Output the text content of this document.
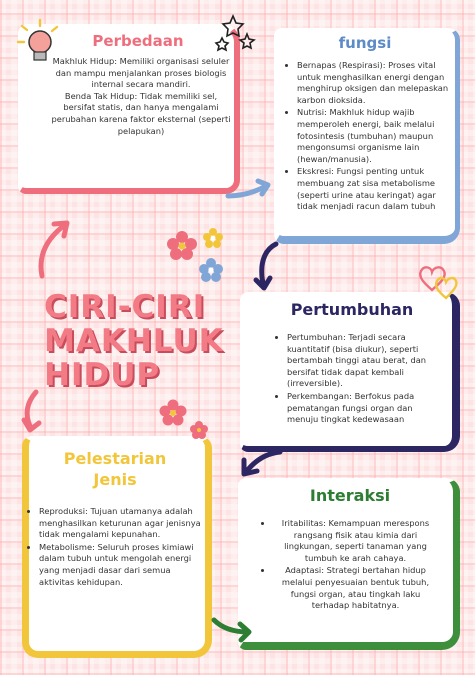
Perbedaan
Makhluk Hidup: Memiliki organisasi seluler dan mampu menjalankan proses biologis internal secara mandiri.
Benda Tak Hidup: Tidak memiliki sel, bersifat statis, dan hanya mengalami perubahan karena faktor eksternal (seperti pelapukan)
fungsi
• Bernapas (Respirasi): Proses vital untuk menghasilkan energi dengan menghirup oksigen dan melepaskan karbon dioksida.
• Nutrisi: Makhluk hidup wajib memperoleh energi, baik melalui fotosintesis (tumbuhan) maupun mengonsumsi organisme lain (hewan/manusia).
• Ekskresi: Fungsi penting untuk membuang zat sisa metabolisme (seperti urine atau keringat) agar tidak menjadi racun dalam tubuh
CIRI-CIRI
MAKHLUK
HIDUP
Pertumbuhan
• Pertumbuhan: Terjadi secara kuantitatif (bisa diukur), seperti bertambah tinggi atau berat, dan bersifat tidak dapat kembali (irreversible).
• Perkembangan: Berfokus pada pematangan fungsi organ dan menuju tingkat kedewasaan
Pelestarian
Jenis
• Reproduksi: Tujuan utamanya adalah menghasilkan keturunan agar jenisnya tidak mengalami kepunahan.
• Metabolisme: Seluruh proses kimiawi dalam tubuh untuk mengolah energi yang menjadi dasar dari semua aktivitas kehidupan.
Interaksi
• Iritabilitas: Kemampuan merespons rangsang fisik atau kimia dari lingkungan, seperti tanaman yang tumbuh ke arah cahaya.
• Adaptasi: Strategi bertahan hidup melalui penyesuaian bentuk tubuh, fungsi organ, atau tingkah laku terhadap habitatnya.
